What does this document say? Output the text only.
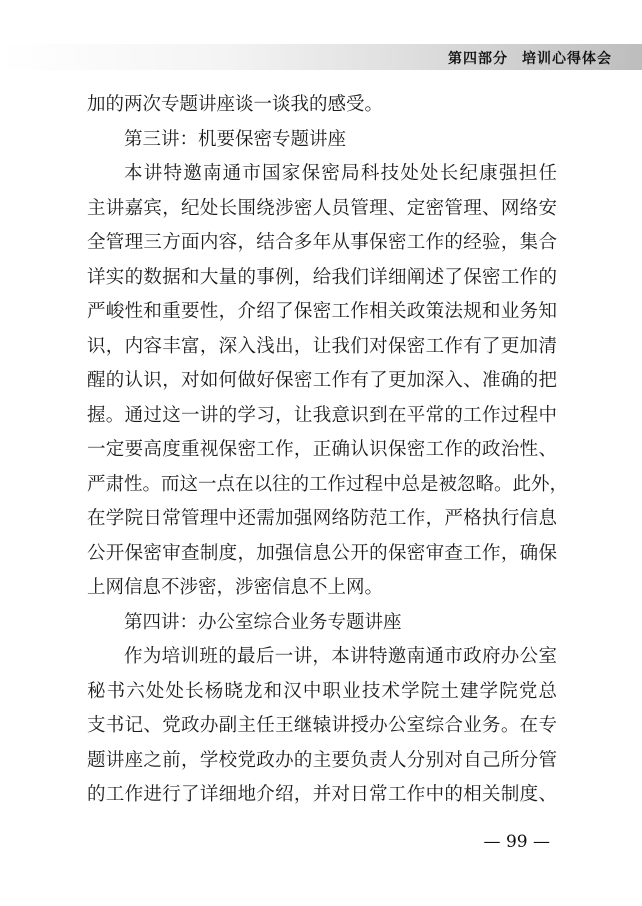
第四部分 培训心得体会
加的两次专题讲座谈一谈我的感受。
第三讲：机要保密专题讲座
本讲特邀南通市国家保密局科技处处长纪康强担任
主讲嘉宾，纪处长围绕涉密人员管理、定密管理、网络安
全管理三方面内容，结合多年从事保密工作的经验，集合
详实的数据和大量的事例，给我们详细阐述了保密工作的
严峻性和重要性，介绍了保密工作相关政策法规和业务知
识，内容丰富，深入浅出，让我们对保密工作有了更加清
醒的认识，对如何做好保密工作有了更加深入、准确的把
握。通过这一讲的学习，让我意识到在平常的工作过程中
一定要高度重视保密工作，正确认识保密工作的政治性、
严肃性。而这一点在以往的工作过程中总是被忽略。此外，
在学院日常管理中还需加强网络防范工作，严格执行信息
公开保密审查制度，加强信息公开的保密审查工作，确保
上网信息不涉密，涉密信息不上网。
第四讲：办公室综合业务专题讲座
作为培训班的最后一讲，本讲特邀南通市政府办公室
秘书六处处长杨晓龙和汉中职业技术学院土建学院党总
支书记、党政办副主任王继辕讲授办公室综合业务。在专
题讲座之前，学校党政办的主要负责人分别对自己所分管
的工作进行了详细地介绍，并对日常工作中的相关制度、
— 99 —
